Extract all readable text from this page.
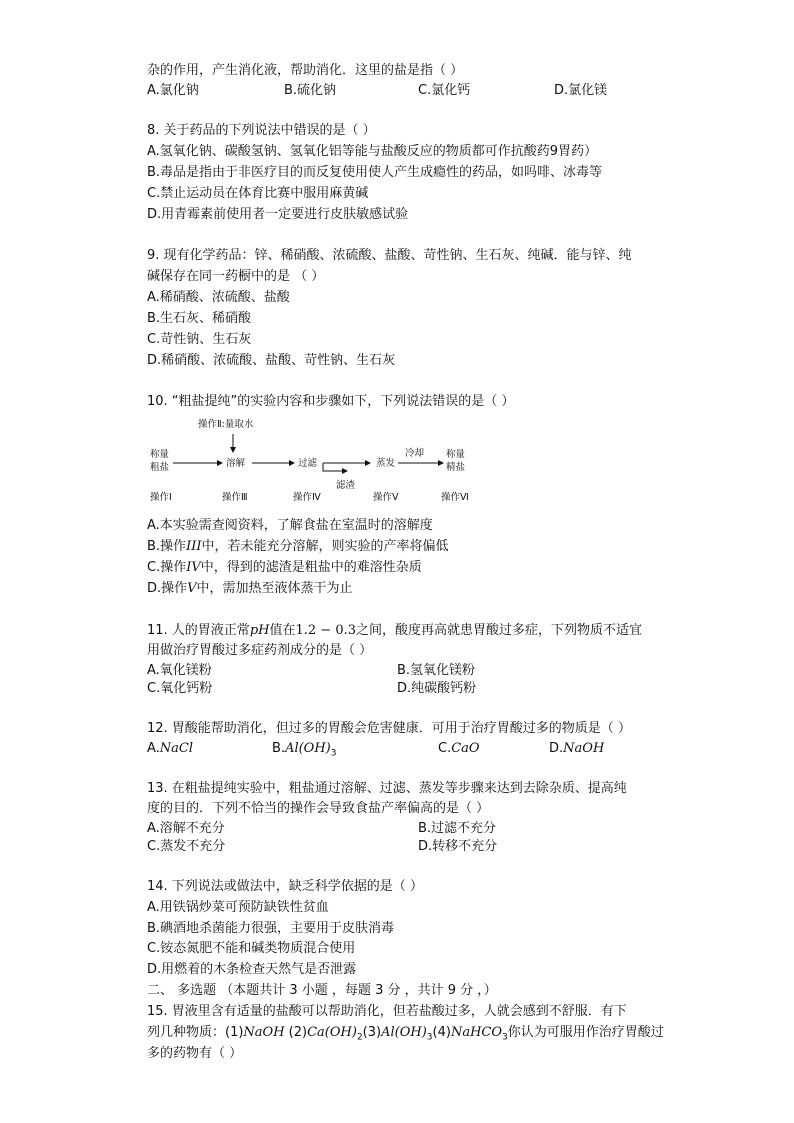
杂的作用，产生消化液，帮助消化．这里的盐是指（ ）
A.氯化钠	B.硫化钠	C.氯化钙	D.氯化镁
8. 关于药品的下列说法中错误的是（ ）
A.氢氧化钠、碳酸氢钠、氢氧化铝等能与盐酸反应的物质都可作抗酸药9胃药）
B.毒品是指由于非医疗目的而反复使用使人产生成瘾性的药品，如吗啡、冰毒等
C.禁止运动员在体育比赛中服用麻黄碱
D.用青霉素前使用者一定要进行皮肤敏感试验
9. 现有化学药品：锌、稀硝酸、浓硫酸、盐酸、苛性钠、生石灰、纯碱．能与锌、纯
碱保存在同一药橱中的是 （ ）
A.稀硝酸、浓硫酸、盐酸
B.生石灰、稀硝酸
C.苛性钠、生石灰
D.稀硝酸、浓硫酸、盐酸、苛性钠、生石灰
10. “粗盐提纯”的实验内容和步骤如下，下列说法错误的是（ ）
操作Ⅱ:量取水
称量
粗盐	溶解	过滤	蒸发
冷却 称量
精盐
滤渣
操作Ⅰ	操作Ⅲ	操作Ⅳ	操作Ⅴ	操作Ⅵ
A.本实验需查阅资料，了解食盐在室温时的溶解度
B.操作III中，若未能充分溶解，则实验的产率将偏低
C.操作IV中，得到的滤渣是粗盐中的难溶性杂质
D.操作V中，需加热至液体蒸干为止
11. 人的胃液正常pH值在1.2 − 0.3之间，酸度再高就患胃酸过多症，下列物质不适宜
用做治疗胃酸过多症药剂成分的是（ ）
A.氧化镁粉	B.氢氧化镁粉
C.氧化钙粉	D.纯碳酸钙粉
12. 胃酸能帮助消化，但过多的胃酸会危害健康．可用于治疗胃酸过多的物质是（ ）
A.NaCl	$B.Al(OH)_3$	C.CaO	D.NaOH
13. 在粗盐提纯实验中，粗盐通过溶解、过滤、蒸发等步骤来达到去除杂质、提高纯
度的目的．下列不恰当的操作会导致食盐产率偏高的是（ ）
A.溶解不充分	B.过滤不充分
C.蒸发不充分	D.转移不充分
14. 下列说法或做法中，缺乏科学依据的是（ ）
A.用铁锅炒菜可预防缺铁性贫血
B.碘酒地杀菌能力很强，主要用于皮肤消毒
C.铵态氮肥不能和碱类物质混合使用
D.用燃着的木条检查天然气是否泄露
二、 多选题 （本题共计 3 小题 ，每题 3 分 ，共计 9 分 ，）
15. 胃液里含有适量的盐酸可以帮助消化，但若盐酸过多，人就会感到不舒服．有下
列几种物质：(1)NaOH $(2)Ca(OH)_2(3)Al(OH)_3(4)NaHCO_3$你认为可服用作治疗胃酸过
多的药物有（ ）
